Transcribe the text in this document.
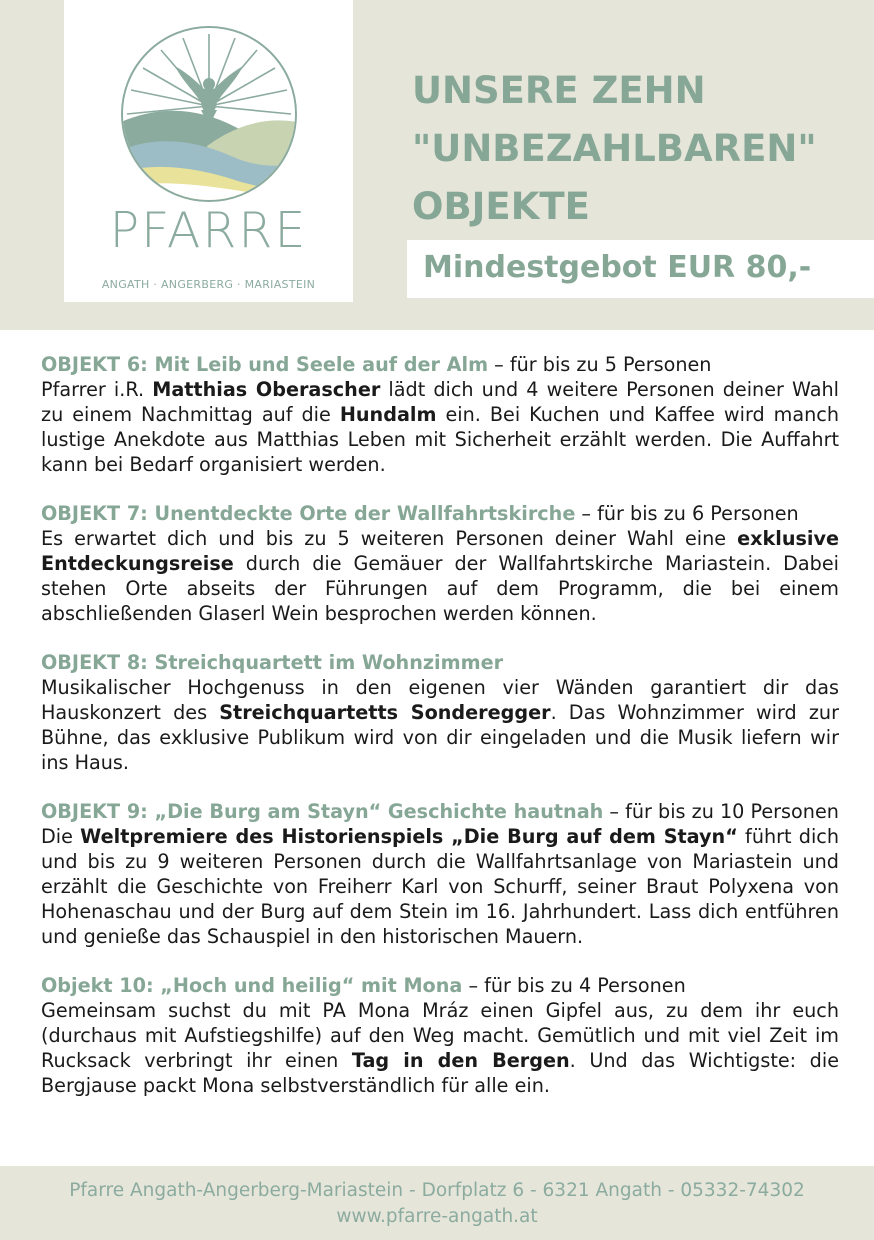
PFARRE
ANGATH · ANGERBERG · MARIASTEIN
UNSERE ZEHN
"UNBEZAHLBAREN"
OBJEKTE
Mindestgebot EUR 80,-

OBJEKT 6: Mit Leib und Seele auf der Alm – für bis zu 5 Personen

Pfarrer i.R. Matthias Oberascher lädt dich und 4 weitere Personen deiner Wahl zu einem Nachmittag auf die Hundalm ein. Bei Kuchen und Kaffee wird manch lustige Anekdote aus Matthias Leben mit Sicherheit erzählt werden. Die Auffahrt kann bei Bedarf organisiert werden.

OBJEKT 7: Unentdeckte Orte der Wallfahrtskirche – für bis zu 6 Personen

Es erwartet dich und bis zu 5 weiteren Personen deiner Wahl eine exklusive Entdeckungsreise durch die Gemäuer der Wallfahrtskirche Mariastein. Dabei stehen Orte abseits der Führungen auf dem Programm, die bei einem abschließenden Glaserl Wein besprochen werden können.

OBJEKT 8: Streichquartett im Wohnzimmer

Musikalischer Hochgenuss in den eigenen vier Wänden garantiert dir das Hauskonzert des Streichquartetts Sonderegger. Das Wohnzimmer wird zur Bühne, das exklusive Publikum wird von dir eingeladen und die Musik liefern wir ins Haus.

OBJEKT 9: „Die Burg am Stayn“ Geschichte hautnah – für bis zu 10 Personen

Die Weltpremiere des Historienspiels „Die Burg auf dem Stayn“ führt dich und bis zu 9 weiteren Personen durch die Wallfahrtsanlage von Mariastein und erzählt die Geschichte von Freiherr Karl von Schurff, seiner Braut Polyxena von Hohenaschau und der Burg auf dem Stein im 16. Jahrhundert. Lass dich entführen und genieße das Schauspiel in den historischen Mauern.

Objekt 10: „Hoch und heilig“ mit Mona – für bis zu 4 Personen

Gemeinsam suchst du mit PA Mona Mráz einen Gipfel aus, zu dem ihr euch (durchaus mit Aufstiegshilfe) auf den Weg macht. Gemütlich und mit viel Zeit im Rucksack verbringt ihr einen Tag in den Bergen. Und das Wichtigste: die Bergjause packt Mona selbstverständlich für alle ein.

Pfarre Angath-Angerberg-Mariastein - Dorfplatz 6 - 6321 Angath - 05332-74302
www.pfarre-angath.at
